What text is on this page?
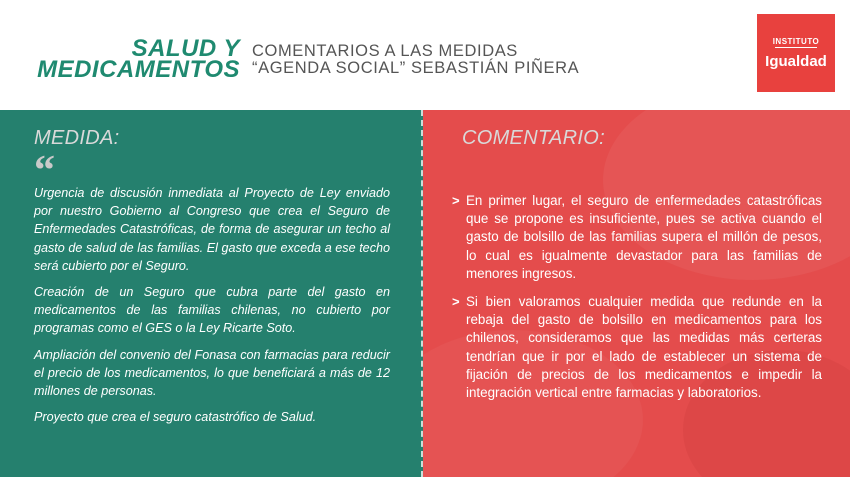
SALUD Y
MEDICAMENTOS
COMENTARIOS A LAS MEDIDAS
“AGENDA SOCIAL” SEBASTIÁN PIÑERA
INSTITUTO
Igualdad
MEDIDA:
“

Urgencia de discusión inmediata al Proyecto de Ley enviado por nuestro Gobierno al Congreso que crea el Seguro de Enfermedades Catastróficas, de forma de asegurar un techo al gasto de salud de las familias. El gasto que exceda a ese techo será cubierto por el Seguro.

Creación de un Seguro que cubra parte del gasto en medicamentos de las familias chilenas, no cubierto por programas como el GES o la Ley Ricarte Soto.

Ampliación del convenio del Fonasa con farmacias para reducir el precio de los medicamentos, lo que beneficiará a más de 12 millones de personas.

Proyecto que crea el seguro catastrófico de Salud.

COMENTARIO:
> En primer lugar, el seguro de enfermedades catastróficas que se propone es insuficiente, pues se activa cuando el gasto de bolsillo de las familias supera el millón de pesos, lo cual es igualmente devastador para las familias de menores ingresos.
> Si bien valoramos cualquier medida que redunde en la rebaja del gasto de bolsillo en medicamentos para los chilenos, consideramos que las medidas más certeras tendrían que ir por el lado de establecer un sistema de fijación de precios de los medicamentos e impedir la integración vertical entre farmacias y laboratorios.
